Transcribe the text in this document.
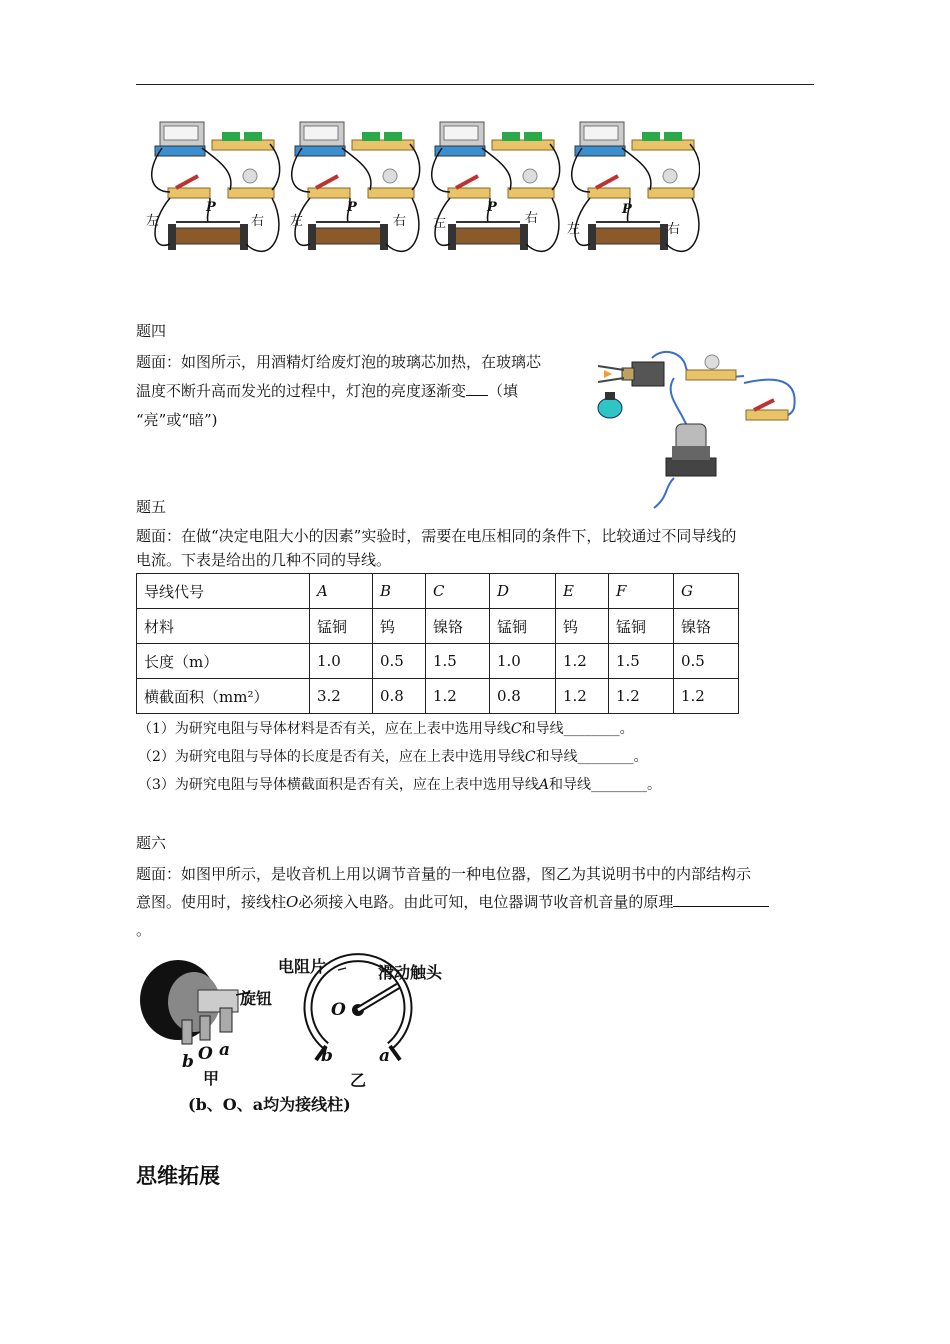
左
P
右 左
P
右 左
P
右
左
P
右
题四
题面：如图所示，用酒精灯给废灯泡的玻璃芯加热，在玻璃芯
温度不断升高而发光的过程中，灯泡的亮度逐渐变 （填
“亮”或“暗”)
题五
题面：在做“决定电阻大小的因素”实验时，需要在电压相同的条件下，比较通过不同导线的
电流。下表是给出的几种不同的导线。
导线代号	A	B	C	D	E	F	G
材料	锰铜	钨	镍铬	锰铜	钨	锰铜	镍铬
长度（m）	1.0	0.5	1.5	1.0	1.2	1.5	0.5
横截面积（mm²）	3.2	0.8	1.2	0.8	1.2	1.2	1.2
（1）为研究电阻与导体材料是否有关，应在上表中选用导线C和导线________。
（2）为研究电阻与导体的长度是否有关，应在上表中选用导线C和导线________。
（3）为研究电阻与导体横截面积是否有关，应在上表中选用导线A和导线________。
题六
题面：如图甲所示，是收音机上用以调节音量的一种电位器，图乙为其说明书中的内部结构示
意图。使用时，接线柱O必须接入电路。由此可知，电位器调节收音机音量的原理
。
旋钮
b O a
甲
电阻片	滑动触头
O
b	a
乙
(b、O、a均为接线柱)
思维拓展
